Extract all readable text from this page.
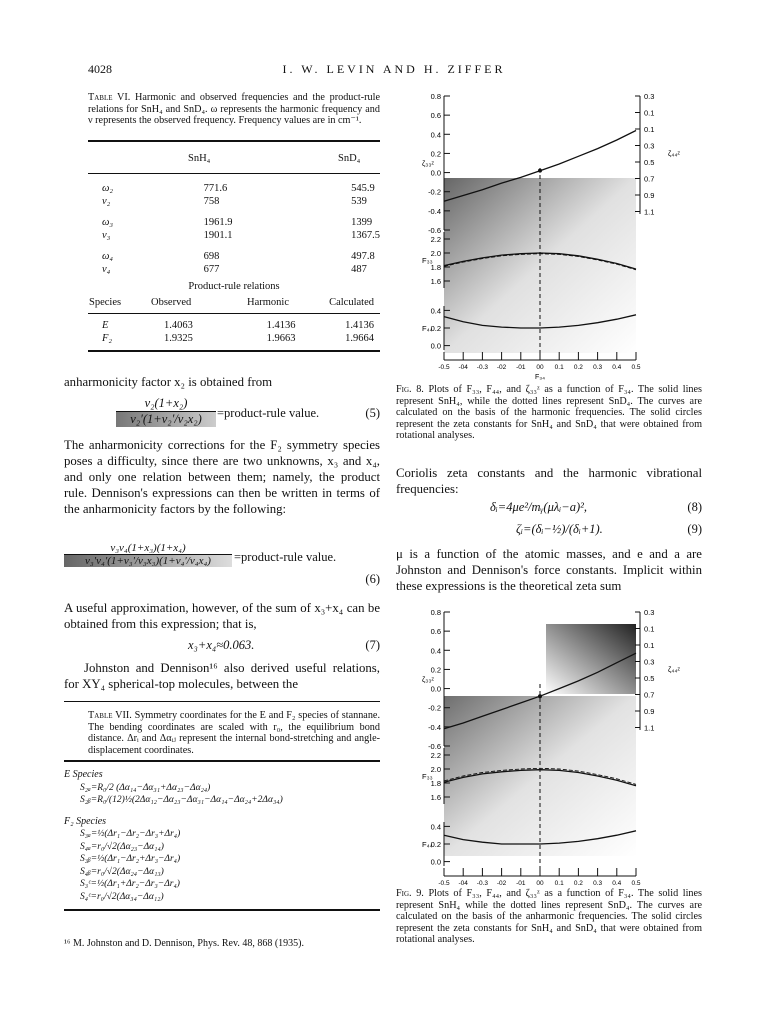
4028	I. W. LEVIN AND H. ZIFFER
Table VI. Harmonic and observed frequencies and the product-rule relations for SnH₄ and SnD₄. ω represents the harmonic frequency and ν represents the observed frequency. Frequency values are in cm⁻¹.
	SnH₄	SnD₄
ω₂	771.6	545.9
ν₂	758	539
ω₃	1961.9	1399
ν₃	1901.1	1367.5
ω₄	698	497.8
ν₄	677	487
Product-rule relations
Species	Observed	Harmonic	Calculated
E	1.4063	1.4136	1.4136
F₂	1.9325	1.9663	1.9664
anharmonicity factor x₂ is obtained from
ν₂(1+x₂)
ν₂′(1+ν₂′/ν₂x₂)	=product-rule value.	(5)
The anharmonicity corrections for the F₂ symmetry species poses a difficulty, since there are two unknowns, x₃ and x₄, and only one relation between them; namely, the product rule. Dennison's expressions can then be written in terms of the anharmonicity factors by the following:
ν₃ν₄(1+x₃)(1+x₄)
ν₃′ν₄′(1+ν₃′/ν₃x₃)(1+ν₄′/ν₄x₄)	=product-rule value.
(6)
A useful approximation, however, of the sum of x₃+x₄ can be obtained from this expression; that is,
x₃+x₄≈0.063.	(7)
Johnston and Dennison¹⁶ also derived useful relations, for XY₄ spherical-top molecules, between the
Table VII. Symmetry coordinates for the E and F₂ species of stannane. The bending coordinates are scaled with r₀, the equilibrium bond distance. Δrᵢ and Δαᵢⱼ represent the internal bond-stretching and angle-displacement coordinates.
E Species
S₂ₐ=R₀/2 (Δα₁₄−Δα₃₁+Δα₂₃−Δα₂₄)
S₂ᵦ=R₀/(12)½(2Δα₁₂−Δα₂₃−Δα₃₁−Δα₁₄−Δα₂₄+2Δα₃₄)
F₂ Species
S₃ₐ=½(Δr₁−Δr₂−Δr₃+Δr₄)
S₄ₐ=r₀/√2(Δα₂₃−Δα₁₄)
S₃ᵦ=½(Δr₁−Δr₂+Δr₃−Δr₄)
S₄ᵦ=r₀/√2(Δα₂₄−Δα₁₃)
S₃ᶜ=½(Δr₁+Δr₂−Δr₃−Δr₄)
S₄ᶜ=r₀/√2(Δα₃₄−Δα₁₂)
¹⁶ M. Johnston and D. Dennison, Phys. Rev. 48, 868 (1935).
0.8
0.6
0.4
0.2
0.0
-0.2
-0.4
-0.6
ζ₃₃ᶻ
0.3
0.1
0.1
0.3
0.5
0.7
0.9
1.1
ζ₄₄ᶻ
2.2
2.0
1.8
1.6
F₃₃
0.4
0.2
0.0
F₄₄
-0.5 -04 -0.3 -02 -01 00 0.1 0.2 0.3 0.4 0.5
F₃₄
Fig. 8. Plots of F₃₃, F₄₄, and ζ₃₃ᶻ as a function of F₃₄. The solid lines represent SnH₄, while the dotted lines represent SnD₄. The curves are calculated on the basis of the harmonic frequencies. The solid circles represent the zeta constants for SnH₄ and SnD₄ that were obtained from rotational analyses.
Coriolis zeta constants and the harmonic vibrational frequencies:
δᵢ=4μe²/mᵧ(μλᵢ−a)²,	(8)
ζᵢ=(δᵢ−½)/(δᵢ+1).	(9)
μ is a function of the atomic masses, and e and a are Johnston and Dennison's force constants. Implicit within these expressions is the theoretical zeta sum
0.8
0.6
0.4
0.2
0.0
-0.2
-0.4
-0.6
ζ₃₃ᶻ
0.3
0.1
0.1
0.3
0.5
0.7
0.9
1.1
ζ₄₄ᶻ
2.2
2.0
1.8
1.6
F₃₃
0.4
0.2
0.0
F₄₄
-0.5 -04 -0.3 -02 -01 00 0.1 0.2 0.3 0.4 0.5
Fig. 9. Plots of F₃₃, F₄₄, and ζ₃₃ᶻ as a function of F₃₄. The solid lines represent SnH₄ while the dotted lines represent SnD₄. The curves are calculated on the basis of the anharmonic frequencies. The solid circles represent the zeta constants for SnH₄ and SnD₄ that were obtained from rotational analyses.
